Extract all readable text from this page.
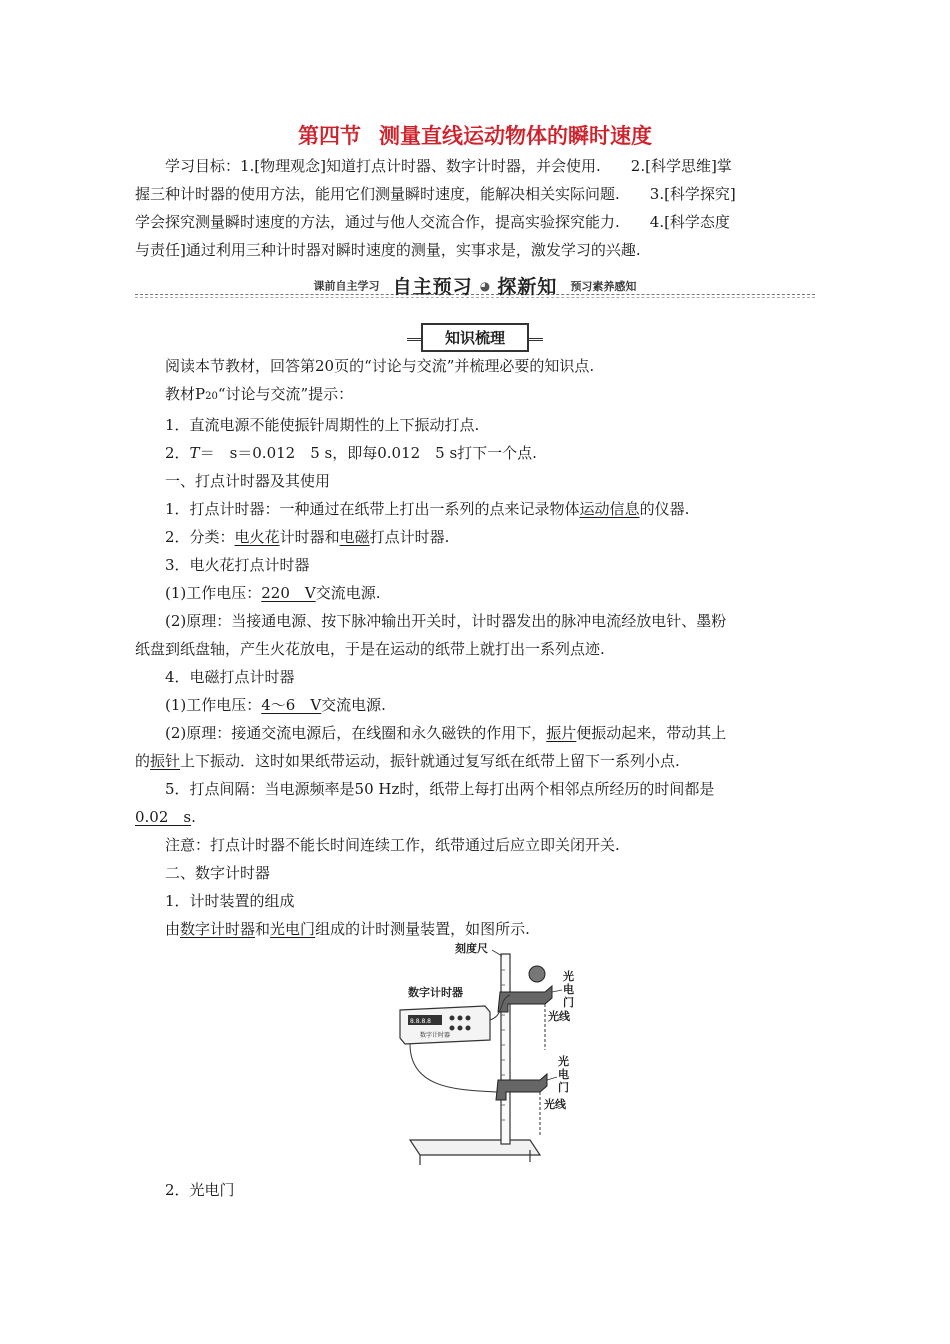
第四节 测量直线运动物体的瞬时速度

学习目标：1.[物理观念]知道打点计时器、数字计时器，并会使用.　　2.[科学思维]掌

握三种计时器的使用方法，能用它们测量瞬时速度，能解决相关实际问题.　　3.[科学探究]

学会探究测量瞬时速度的方法，通过与他人交流合作，提高实验探究能力.　　4.[科学态度

与责任]通过利用三种计时器对瞬时速度的测量，实事求是，激发学习的兴趣.

课前自主学习 自主预习 ◕ 探新知 预习素养感知
知识梳理

阅读本节教材，回答第20页的“讨论与交流”并梳理必要的知识点.

教材P20“讨论与交流”提示：

1．直流电源不能使振针周期性的上下振动打点.

2．T＝　s＝0.012　5 s，即每0.012　5 s打下一个点.

一、打点计时器及其使用

1．打点计时器：一种通过在纸带上打出一系列的点来记录物体运动信息的仪器.

2．分类：电火花计时器和电磁打点计时器.

3．电火花打点计时器

(1)工作电压：220　V交流电源.

(2)原理：当接通电源、按下脉冲输出开关时，计时器发出的脉冲电流经放电针、墨粉

纸盘到纸盘轴，产生火花放电，于是在运动的纸带上就打出一系列点迹.

4．电磁打点计时器

(1)工作电压：4～6　V交流电源.

(2)原理：接通交流电源后，在线圈和永久磁铁的作用下，振片便振动起来，带动其上

的振针上下振动．这时如果纸带运动，振针就通过复写纸在纸带上留下一系列小点.

5．打点间隔：当电源频率是50 Hz时，纸带上每打出两个相邻点所经历的时间都是

0.02　s.

注意：打点计时器不能长时间连续工作，纸带通过后应立即关闭开关.

二、数字计时器

1．计时装置的组成

由数字计时器和光电门组成的计时测量装置，如图所示.

8.8.8.8
数字计时器
刻度尺
数字计时器
光
电
门
光线
光
电
门
光线

2．光电门
